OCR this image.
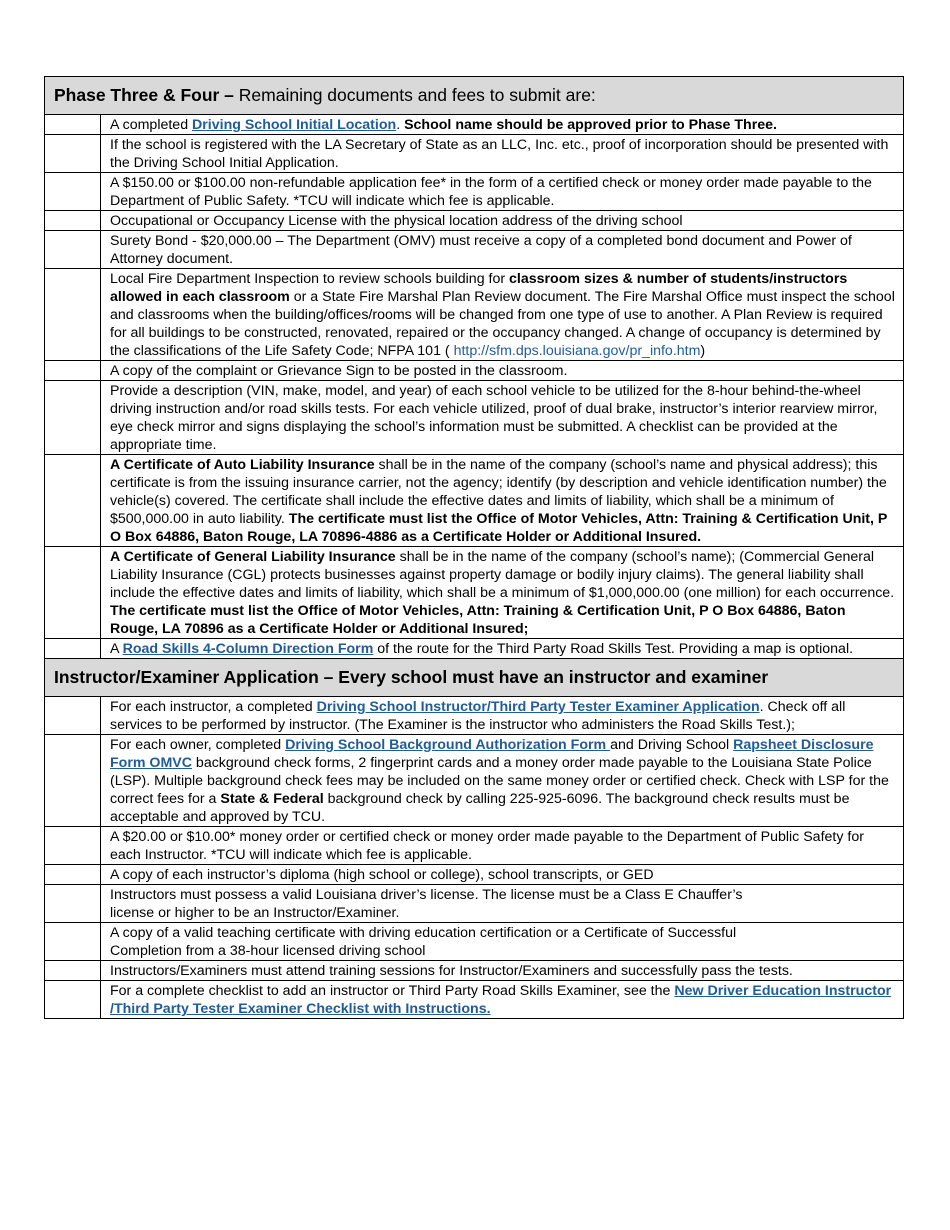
Phase Three & Four – Remaining documents and fees to submit are:	
	A completed Driving School Initial Location. School name should be approved prior to Phase Three.
	If the school is registered with the LA Secretary of State as an LLC, Inc. etc., proof of incorporation should be presented with the Driving School Initial Application.
	A $150.00 or $100.00 non-refundable application fee* in the form of a certified check or money order made payable to the Department of Public Safety. *TCU will indicate which fee is applicable.
	Occupational or Occupancy License with the physical location address of the driving school
	Surety Bond - $20,000.00 – The Department (OMV) must receive a copy of a completed bond document and Power of Attorney document.
	Local Fire Department Inspection to review schools building for classroom sizes & number of students/instructors allowed in each classroom or a State Fire Marshal Plan Review document. The Fire Marshal Office must inspect the school and classrooms when the building/offices/rooms will be changed from one type of use to another. A Plan Review is required for all buildings to be constructed, renovated, repaired or the occupancy changed. A change of occupancy is determined by the classifications of the Life Safety Code; NFPA 101 ( http://sfm.dps.louisiana.gov/pr_info.htm)
	A copy of the complaint or Grievance Sign to be posted in the classroom.
	Provide a description (VIN, make, model, and year) of each school vehicle to be utilized for the 8-hour behind-the-wheel driving instruction and/or road skills tests. For each vehicle utilized, proof of dual brake, instructor’s interior rearview mirror, eye check mirror and signs displaying the school’s information must be submitted. A checklist can be provided at the appropriate time.
	A Certificate of Auto Liability Insurance shall be in the name of the company (school’s name and physical address); this certificate is from the issuing insurance carrier, not the agency; identify (by description and vehicle identification number) the vehicle(s) covered. The certificate shall include the effective dates and limits of liability, which shall be a minimum of $500,000.00 in auto liability. The certificate must list the Office of Motor Vehicles, Attn: Training & Certification Unit, P O Box 64886, Baton Rouge, LA 70896-4886 as a Certificate Holder or Additional Insured.
	A Certificate of General Liability Insurance shall be in the name of the company (school’s name); (Commercial General Liability Insurance (CGL) protects businesses against property damage or bodily injury claims). The general liability shall include the effective dates and limits of liability, which shall be a minimum of $1,000,000.00 (one million) for each occurrence. The certificate must list the Office of Motor Vehicles, Attn: Training & Certification Unit, P O Box 64886, Baton Rouge, LA 70896 as a Certificate Holder or Additional Insured;
	A Road Skills 4-Column Direction Form of the route for the Third Party Road Skills Test. Providing a map is optional.
Instructor/Examiner Application – Every school must have an instructor and examiner	
	For each instructor, a completed Driving School Instructor/Third Party Tester Examiner Application. Check off all services to be performed by instructor. (The Examiner is the instructor who administers the Road Skills Test.);
	For each owner, completed Driving School Background Authorization Form and Driving School Rapsheet Disclosure Form OMVC background check forms, 2 fingerprint cards and a money order made payable to the Louisiana State Police (LSP). Multiple background check fees may be included on the same money order or certified check. Check with LSP for the correct fees for a State & Federal background check by calling 225-925-6096. The background check results must be acceptable and approved by TCU.
	A $20.00 or $10.00* money order or certified check or money order made payable to the Department of Public Safety for each Instructor. *TCU will indicate which fee is applicable.
	A copy of each instructor’s diploma (high school or college), school transcripts, or GED
	Instructors must possess a valid Louisiana driver’s license. The license must be a Class E Chauffer’s
license or higher to be an Instructor/Examiner.
	A copy of a valid teaching certificate with driving education certification or a Certificate of Successful
Completion from a 38-hour licensed driving school
	Instructors/Examiners must attend training sessions for Instructor/Examiners and successfully pass the tests.
	For a complete checklist to add an instructor or Third Party Road Skills Examiner, see the New Driver Education Instructor /Third Party Tester Examiner Checklist with Instructions.
